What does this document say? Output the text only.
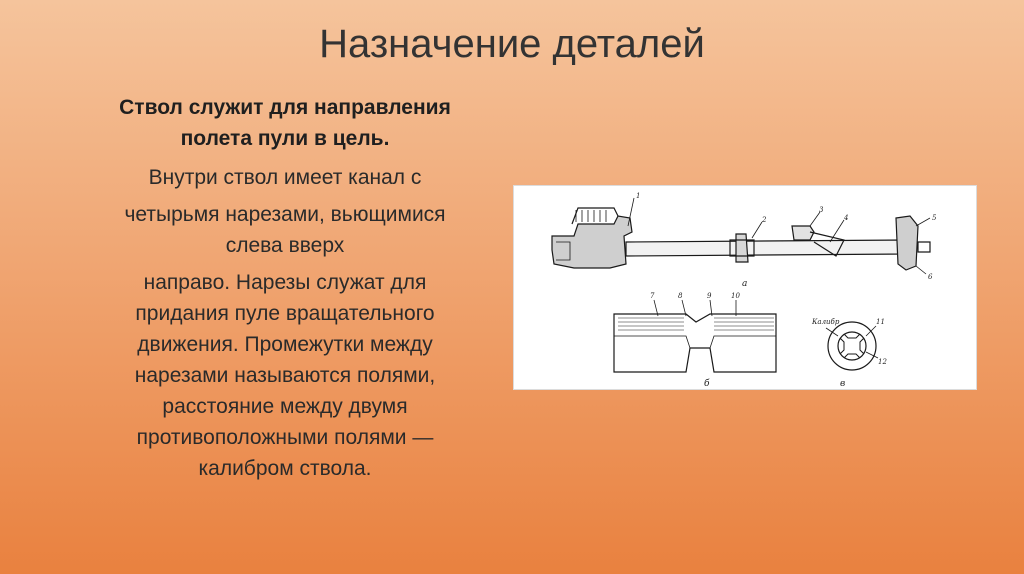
Назначение деталей
Ствол служит для направления
полета пули в цель.
Внутри ствол имеет канал с
четырьмя нарезами, вьющимися
слева вверх
направо. Нарезы служат для
придания пуле вращательного
движения. Промежутки между
нарезами называются полями,
расстояние между двумя
противоположными полями —
калибром ствола.
1
2
3
4	5
6
а
7	8	9	10
б
Калибр	11
12
в
